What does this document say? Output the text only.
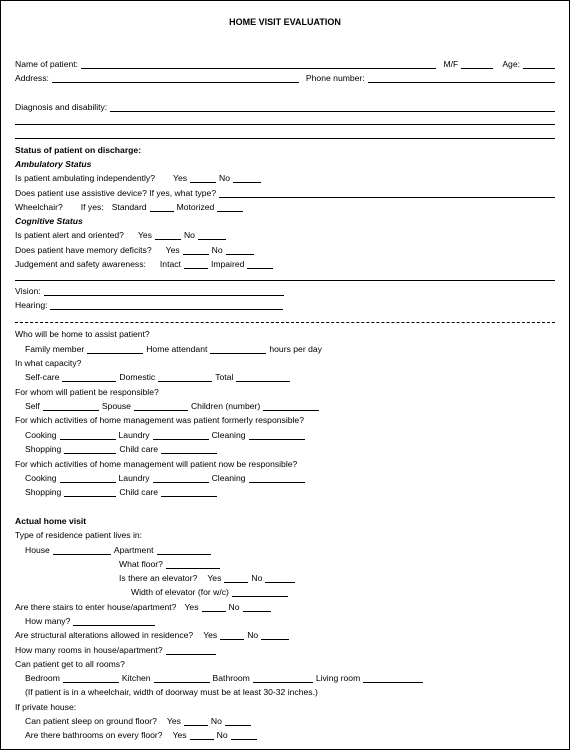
HOME VISIT EVALUATION
Name of patient:	M/F	Age:
Address:	Phone number:
Diagnosis and disability:
Status of patient on discharge:
Ambulatory Status
Is patient ambulating independently? Yes	No
Does patient use assistive device? If yes, what type?
Wheelchair? If yes: Standard	Motorized
Cognitive Status
Is patient alert and oriented? Yes	No
Does patient have memory deficits? Yes	No
Judgement and safety awareness: Intact	Impaired
Vision:
Hearing:
Who will be home to assist patient?
Family member	Home attendant	hours per day
In what capacity?
Self-care	Domestic	Total
For whom will patient be responsible?
Self	Spouse	Children (number)
For which activities of home management was patient formerly responsible?
Cooking	Laundry	Cleaning
Shopping	Child care
For which activities of home management will patient now be responsible?
Cooking	Laundry	Cleaning
Shopping	Child care
Actual home visit
Type of residence patient lives in:
House	Apartment
What floor?
Is there an elevator? Yes	No
Width of elevator (for w/c)
Are there stairs to enter house/apartment? Yes	No
How many?
Are structural alterations allowed in residence? Yes	No
How many rooms in house/apartment?
Can patient get to all rooms?
Bedroom	Kitchen	Bathroom	Living room
(If patient is in a wheelchair, width of doorway must be at least 30-32 inches.)
If private house:
Can patient sleep on ground floor? Yes	No
Are there bathrooms on every floor? Yes	No
